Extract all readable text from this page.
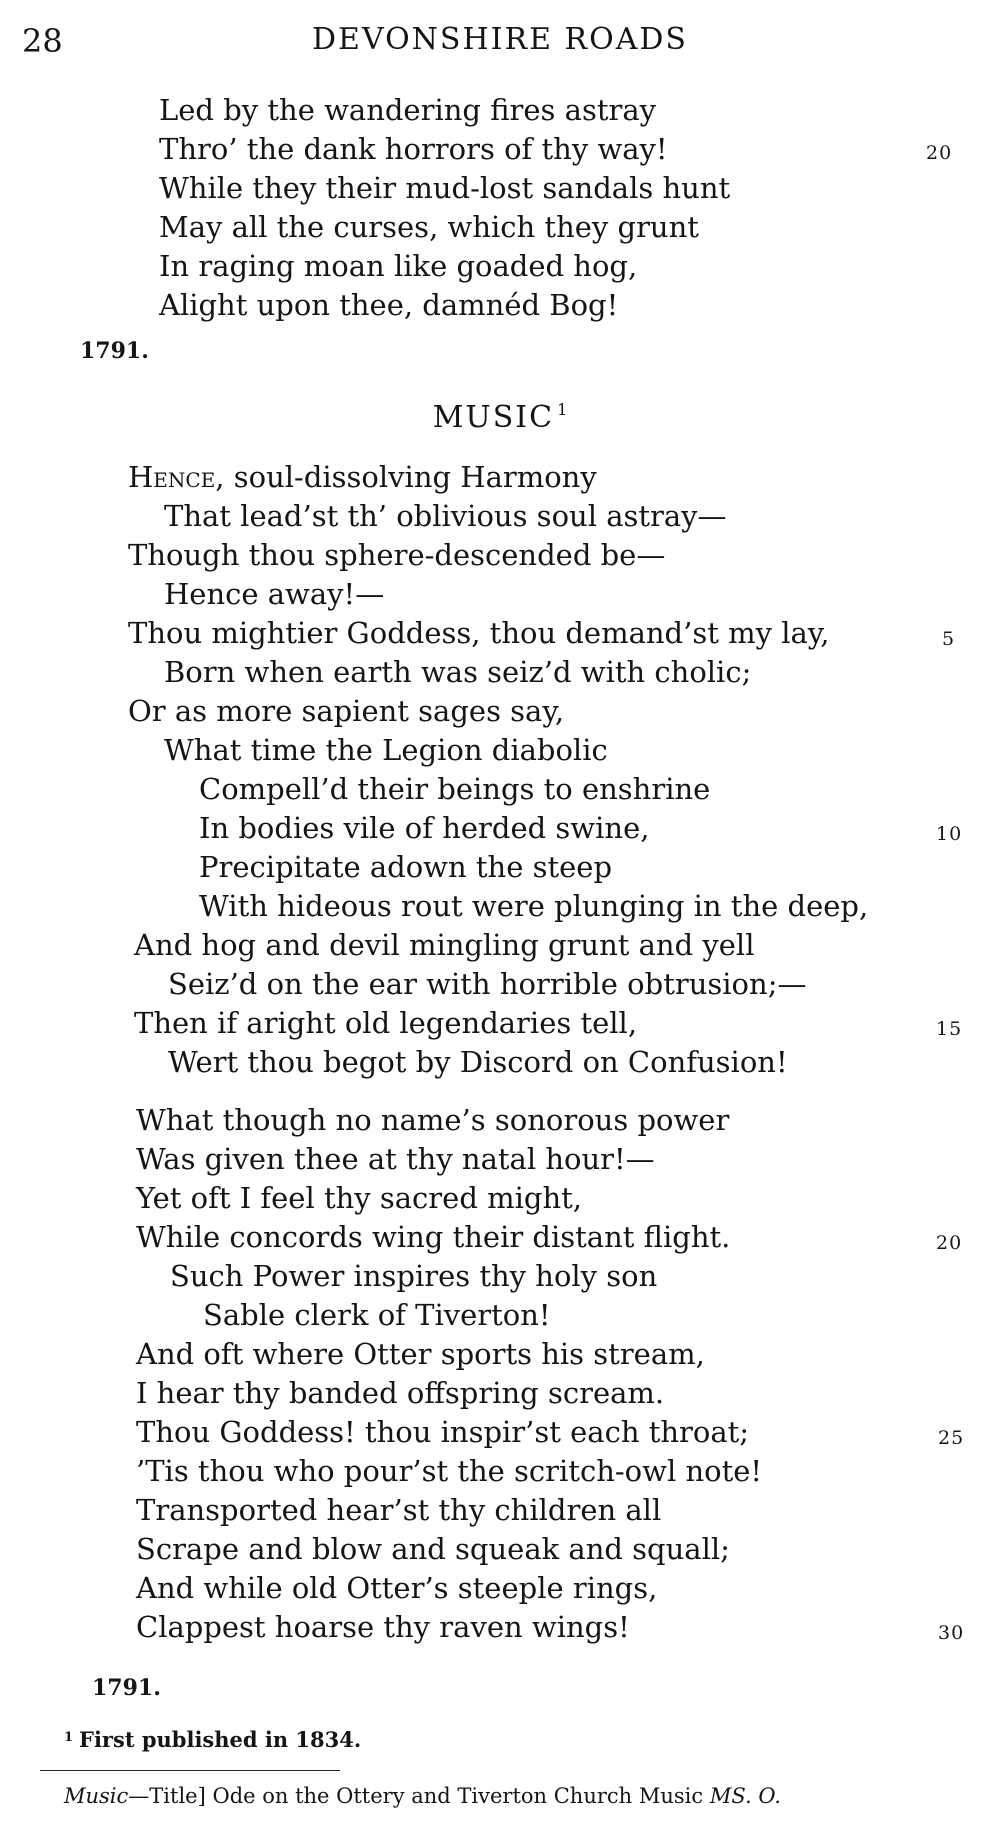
28	DEVONSHIRE ROADS
Led by the wandering fires astray
Thro’ the dank horrors of thy way!
While they their mud-lost sandals hunt
May all the curses, which they grunt
In raging moan like goaded hog,
Alight upon thee, damnéd Bog!
20
1791.
MUSIC $^1$
Hence, soul-dissolving Harmony
That lead’st th’ oblivious soul astray—
Though thou sphere-descended be—
Hence away!—
Thou mightier Goddess, thou demand’st my lay,
Born when earth was seiz’d with cholic;
Or as more sapient sages say,
What time the Legion diabolic
Compell’d their beings to enshrine
In bodies vile of herded swine,
Precipitate adown the steep
With hideous rout were plunging in the deep,
And hog and devil mingling grunt and yell
Seiz’d on the ear with horrible obtrusion;—
Then if aright old legendaries tell,
Wert thou begot by Discord on Confusion!
What though no name’s sonorous power
Was given thee at thy natal hour!—
Yet oft I feel thy sacred might,
While concords wing their distant flight.
Such Power inspires thy holy son
Sable clerk of Tiverton!
And oft where Otter sports his stream,
I hear thy banded offspring scream.
Thou Goddess! thou inspir’st each throat;
’Tis thou who pour’st the scritch-owl note!
Transported hear’st thy children all
Scrape and blow and squeak and squall;
And while old Otter’s steeple rings,
Clappest hoarse thy raven wings!
5
10
15
20
25
30
1791.
$^1$ First published in 1834.
Music—Title] Ode on the Ottery and Tiverton Church Music MS. O.
